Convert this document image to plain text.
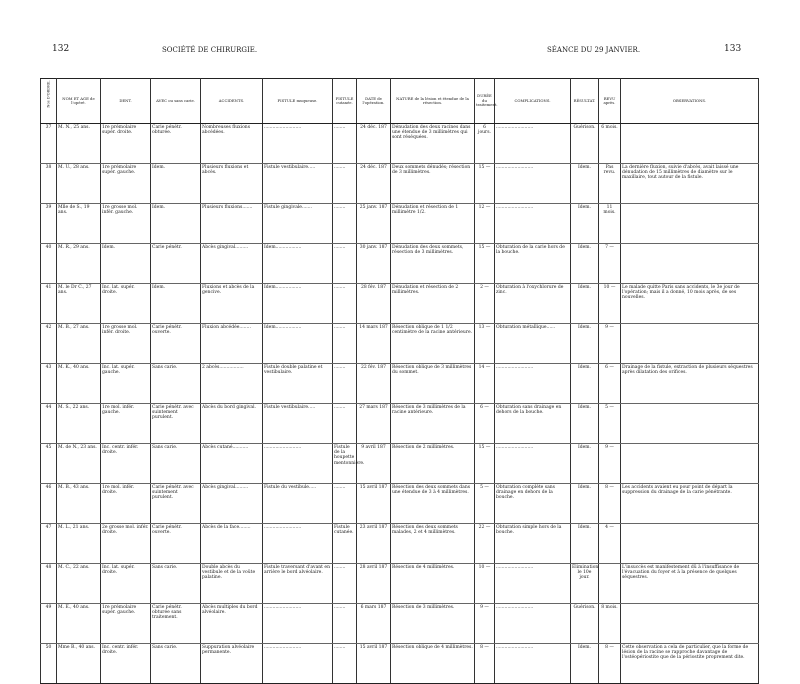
132	SOCIÉTÉ DE CHIRURGIE.	SÉANCE DU 29 JANVIER.	133
Nos D'ORDRE.	NOM ET AGE de l'opéré.	DENT.	AVEC ou sans carie.	ACCIDENTS.	FISTULE muqueuse.	FISTULE cutanée.	DATE de l'opération.	NATURE de la lésion et étendue de la résection.	DURÉE du traitement.	COMPLICATIONS.	RÉSULTAT.	REVU après.	OBSERVATIONS.
37	M. N., 25 ans.	1re prémolaire supér. droite.	Carie pénétr. obturée.	Nombreuses fluxions abcédées.	..........................	........	24 déc. 187	Dénudation des deux racines dans une étendue de 3 millimètres qui sont réséquées.	6 jours.	..........................	Guérison.	6 mois.	
38	M. U., 28 ans.	1re prémolaire supér. gauche.	Idem.	Plusieurs fluxions et abcès.	Fistule vestibulaire.....	........	24 déc. 187	Deux sommets dénudés; résection de 3 millimètres.	15 —	..........................	Idem.	Pas revu.	La dernière fluxion, suivie d'abcès, avait laissé une dénudation de 15 millimètres de diamètre sur le maxillaire, tout autour de la fistule.
39	Mlle de S., 19 ans.	1re grosse mol. infér. gauche.	Idem.	Plusieurs fluxions.......	Fistule gingivale.......	........	25 janv. 187	Dénudation et résection de 1 millimètre 1/2.	12 —	..........................	Idem.	11 mois.	
40	M. R., 29 ans.	Idem.	Carie pénétr.	Abcès gingival.........	Idem..................	........	30 janv. 187	Dénudation des deux sommets, résection de 3 millimètres.	15 —	Obturation de la carie hors de la bouche.	Idem.	7 —	
41	M. le Dr C., 27 ans.	Inc. lat. supér. droite.	Idem.	Fluxions et abcès de la gencive.	Idem..................	........	28 fév. 187	Dénudation et résection de 2 millimètres.	2 —	Obturation à l'oxychlorure de zinc.	Idem.	10 —	Le malade quitte Paris sans accidents, le 3e jour de l'opération; mais il a donné, 10 mois après, de ses nouvelles.
42	M. B., 27 ans.	1re grosse mol. infér. droite.	Carie pénétr. ouverte.	Fluxion abcédée........	Idem..................	........	14 mars 187	Résection oblique de 1 1/2 centimètre de la racine antérieure.	13 —	Obturation métallique......	Idem.	9 —	
43	M. K., 40 ans.	Inc. lat. supér. gauche.	Sans carie.	2 abcès.................	Fistule double palatine et vestibulaire.	........	22 fév. 187	Résection oblique de 3 millimètres du sommet.	14 —	..........................	Idem.	6 —	Drainage de la fistule, extraction de plusieurs séquestres après dilatation des orifices.
44	M. S., 22 ans.	1re mol. infér. gauche.	Carie pénétr. avec suintement purulent.	Abcès du bord gingival.	Fistule vestibulaire.....	........	27 mars 187	Résection de 3 millimètres de la racine antérieure.	6 —	Obturation sans drainage en dehors de la bouche.	Idem.	5 —	
45	M. de N., 23 ans.	Inc. centr. infér. droite.	Sans carie.	Abcès cutané...........	..........................	Fistule de la houpette mentonnière.	9 avril 187	Résection de 2 millimètres.	15 —	..........................	Idem.	9 —	
46	M. B., 43 ans.	1re mol. infér. droite.	Carie pénétr. avec suintement purulent.	Abcès gingival.........	Fistule du vestibule.....	........	15 avril 187	Résection des deux sommets dans une étendue de 3 à 4 millimètres.	5 —	Obturation complète sans drainage en dehors de la bouche.	Idem.	8 —	Les accidents avaient eu pour point de départ la suppression du drainage de la carie pénétrante.
47	M. L., 21 ans.	2e grosse mol. infér. droite.	Carie pénétr. ouverte.	Abcès de la face........	..........................	Fistule cutanée.	23 avril 187	Résection des deux sommets malades, 2 et 4 millimètres.	22 —	Obturation simple hors de la bouche.	Idem.	4 —	
48	M. C., 22 ans.	Inc. lat. supér. droite.	Sans carie.	Double abcès du vestibule et de la voûte palatine.	Fistule traversant d'avant en arrière le bord alvéolaire.	........	28 avril 187	Résection de 4 millimètres.	10 —	..........................	Élimination le 10e jour.		L'insuccès est manifestement dû à l'insuffisance de l'évacuation du foyer et à la présence de quelques séquestres.
49	M. E., 40 ans.	1re prémolaire supér. gauche.	Carie pénétr. obturée sans traitement.	Abcès multiples du bord alvéolaire.	..........................	........	6 mars 187	Résection de 3 millimètres.	9 —	..........................	Guérison.	8 mois.	
50	Mme B., 40 ans.	Inc. centr. infér. droite.	Sans carie.	Suppuration alvéolaire permanente.	..........................	........	15 avril 187	Résection oblique de 4 millimètres.	8 —	..........................	Idem.	8 —	Cette observation a cela de particulier, que la forme de lésion de la racine se rapproche davantage de l'ostéopériostite que de la périostite proprement dite.
